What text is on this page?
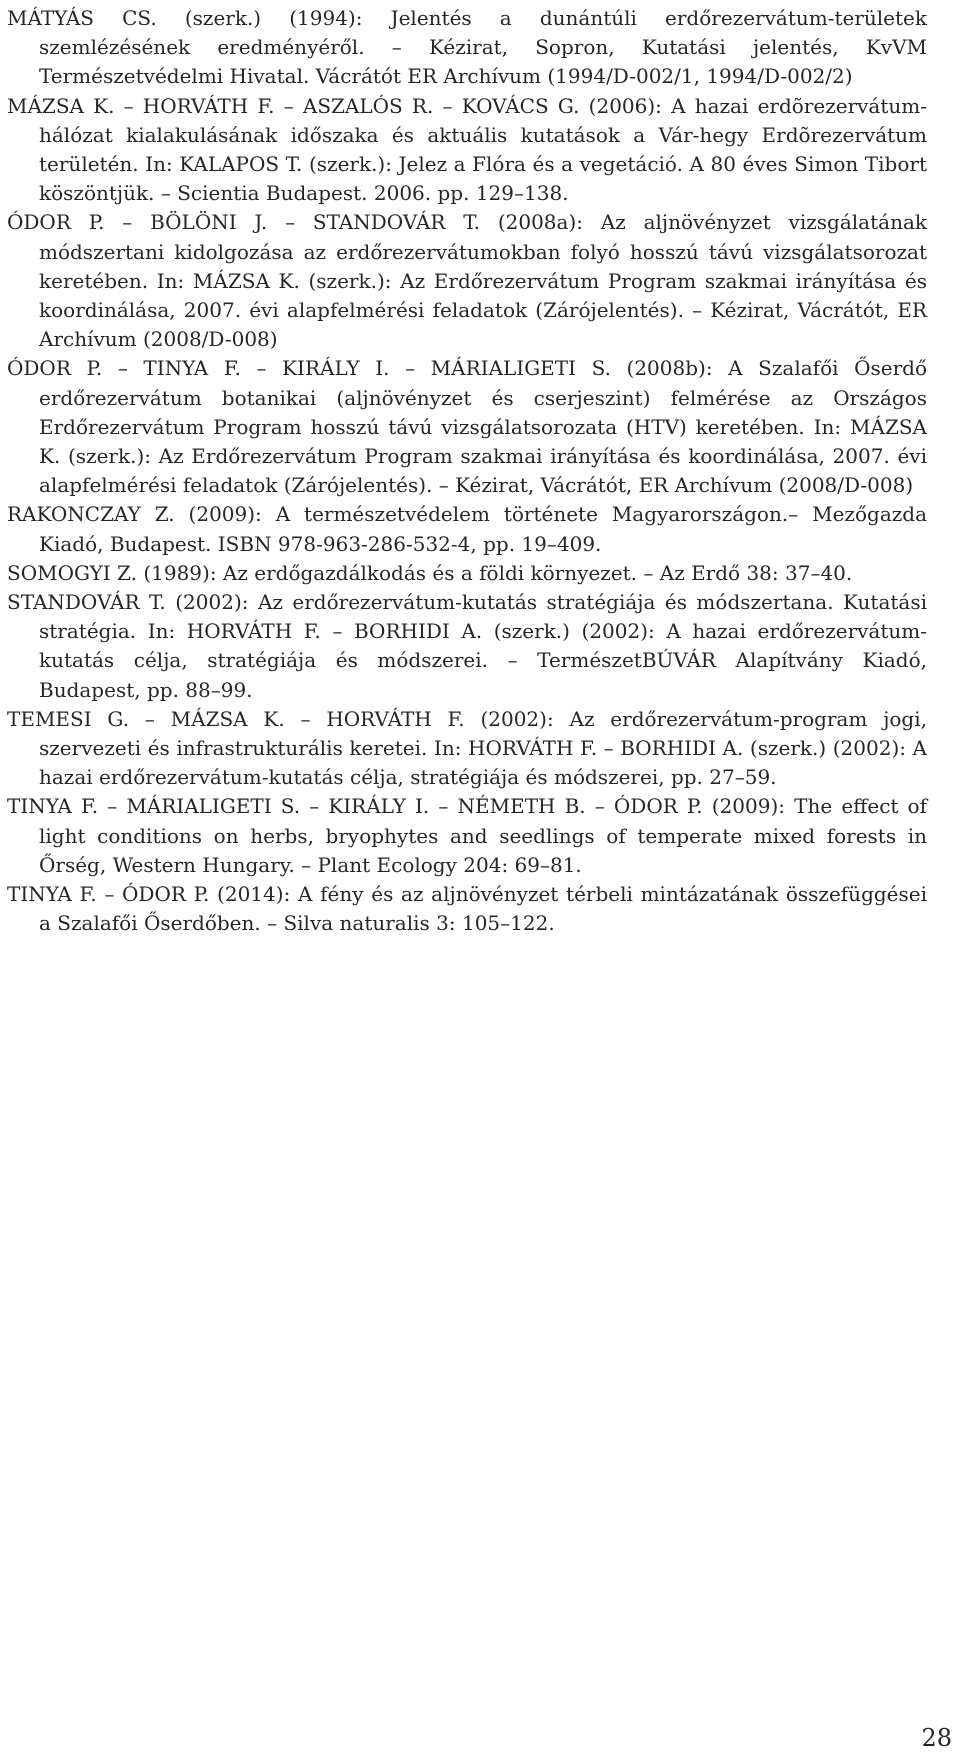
MÁTYÁS CS. (szerk.) (1994): Jelentés a dunántúli erdőrezervátum-területek szemlézésének eredményéről. – Kézirat, Sopron, Kutatási jelentés, KvVM Természetvédelmi Hivatal. Vácrátót ER Archívum (1994/D-002/1, 1994/D-002/2)

MÁZSA K. – HORVÁTH F. – ASZALÓS R. – KOVÁCS G. (2006): A hazai erdõrezervátum-hálózat kialakulásának időszaka és aktuális kutatások a Vár-hegy Erdõrezervátum területén. In: KALAPOS T. (szerk.): Jelez a Flóra és a vegetáció. A 80 éves Simon Tibort köszöntjük. – Scientia Budapest. 2006. pp. 129–138.

ÓDOR P. – BÖLÖNI J. – STANDOVÁR T. (2008a): Az aljnövényzet vizsgálatának módszertani kidolgozása az erdőrezervátumokban folyó hosszú távú vizsgálatsorozat keretében. In: MÁZSA K. (szerk.): Az Erdőrezervátum Program szakmai irányítása és koordinálása, 2007. évi alapfelmérési feladatok (Zárójelentés). – Kézirat, Vácrátót, ER Archívum (2008/D-008)

ÓDOR P. – TINYA F. – KIRÁLY I. – MÁRIALIGETI S. (2008b): A Szalafői Őserdő erdőrezervátum botanikai (aljnövényzet és cserjeszint) felmérése az Országos Erdőrezervátum Program hosszú távú vizsgálatsorozata (HTV) keretében. In: MÁZSA K. (szerk.): Az Erdőrezervátum Program szakmai irányítása és koordinálása, 2007. évi alapfelmérési feladatok (Zárójelentés). – Kézirat, Vácrátót, ER Archívum (2008/D-008)

RAKONCZAY Z. (2009): A természetvédelem története Magyarországon.– Mezőgazda Kiadó, Budapest. ISBN 978-963-286-532-4, pp. 19–409.

SOMOGYI Z. (1989): Az erdőgazdálkodás és a földi környezet. – Az Erdő 38: 37–40.

STANDOVÁR T. (2002): Az erdőrezervátum-kutatás stratégiája és módszertana. Kutatási stratégia. In: HORVÁTH F. – BORHIDI A. (szerk.) (2002): A hazai erdőrezervátum-kutatás célja, stratégiája és módszerei. – TermészetBÚVÁR Alapítvány Kiadó, Budapest, pp. 88–99.

TEMESI G. – MÁZSA K. – HORVÁTH F. (2002): Az erdőrezervátum-program jogi, szervezeti és infrastrukturális keretei. In: HORVÁTH F. – BORHIDI A. (szerk.) (2002): A hazai erdőrezervátum-kutatás célja, stratégiája és módszerei, pp. 27–59.

TINYA F. – MÁRIALIGETI S. – KIRÁLY I. – NÉMETH B. – ÓDOR P. (2009): The effect of light conditions on herbs, bryophytes and seedlings of temperate mixed forests in Őrség, Western Hungary. – Plant Ecology 204: 69–81.

TINYA F. – ÓDOR P. (2014): A fény és az aljnövényzet térbeli mintázatának összefüggései a Szalafői Őserdőben. – Silva naturalis 3: 105–122.

28
